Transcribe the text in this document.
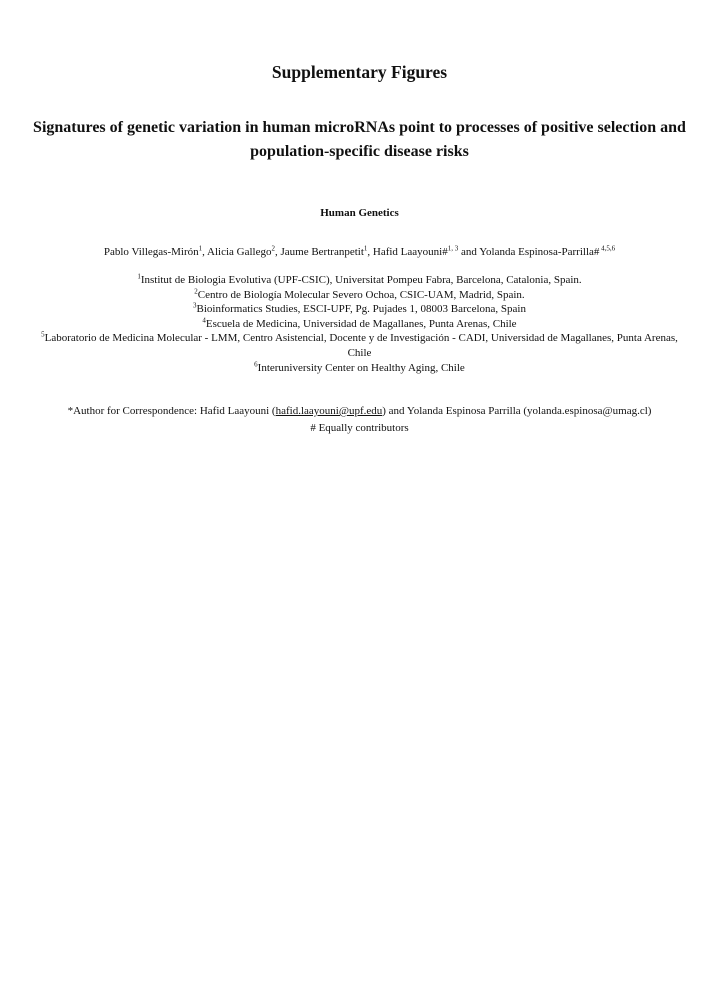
Supplementary Figures
Signatures of genetic variation in human microRNAs point to processes of positive selection and population-specific disease risks
Human Genetics
Pablo Villegas-Mirón$^1$, Alicia Gallego$^2$, Jaume Bertranpetit$^1$, Hafid Laayouni#$^{1, 3}$ and Yolanda Espinosa-Parrilla# $^{4,5,6}$
$^1$Institut de Biologia Evolutiva (UPF-CSIC), Universitat Pompeu Fabra, Barcelona, Catalonia, Spain.
$^2$Centro de Biología Molecular Severo Ochoa, CSIC-UAM, Madrid, Spain.
$^3$Bioinformatics Studies, ESCI-UPF, Pg. Pujades 1, 08003 Barcelona, Spain
$^4$Escuela de Medicina, Universidad de Magallanes, Punta Arenas, Chile
$^5$Laboratorio de Medicina Molecular - LMM, Centro Asistencial, Docente y de Investigación - CADI, Universidad de Magallanes, Punta Arenas, Chile
$^6$Interuniversity Center on Healthy Aging, Chile
*Author for Correspondence: Hafid Laayouni (hafid.laayouni@upf.edu) and Yolanda Espinosa Parrilla (yolanda.espinosa@umag.cl)
# Equally contributors
